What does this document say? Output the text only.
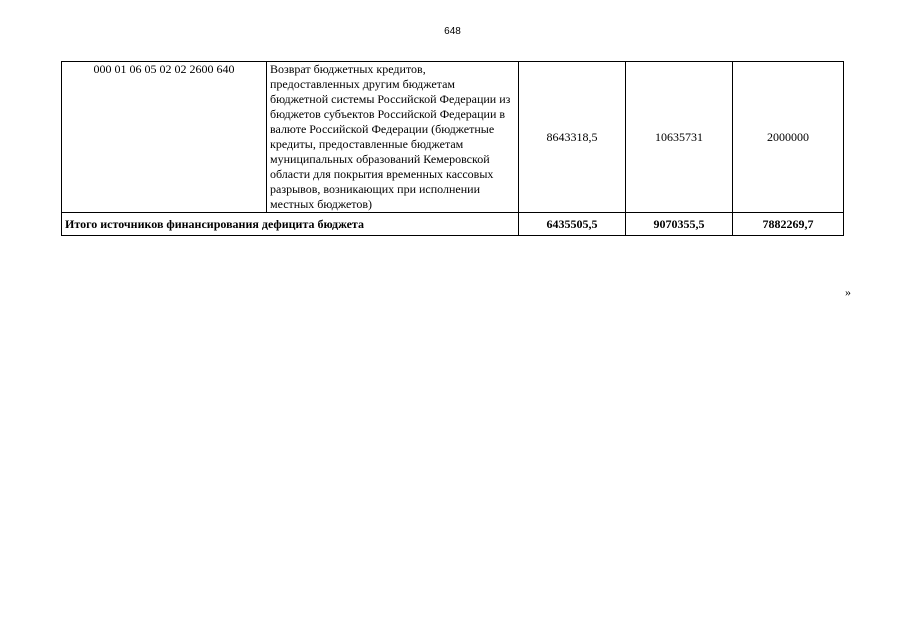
648
000 01 06 05 02 02 2600 640	Возврат бюджетных кредитов, предоставленных другим бюджетам бюджетной системы Российской Федерации из бюджетов субъектов Российской Федерации в валюте Российской Федерации (бюджетные кредиты, предоставленные бюджетам муниципальных образований Кемеровской области для покрытия временных кассовых разрывов, возникающих при исполнении местных бюджетов)	8643318,5	10635731	2000000
Итого источников финансирования дефицита бюджета		6435505,5	9070355,5	7882269,7
»
